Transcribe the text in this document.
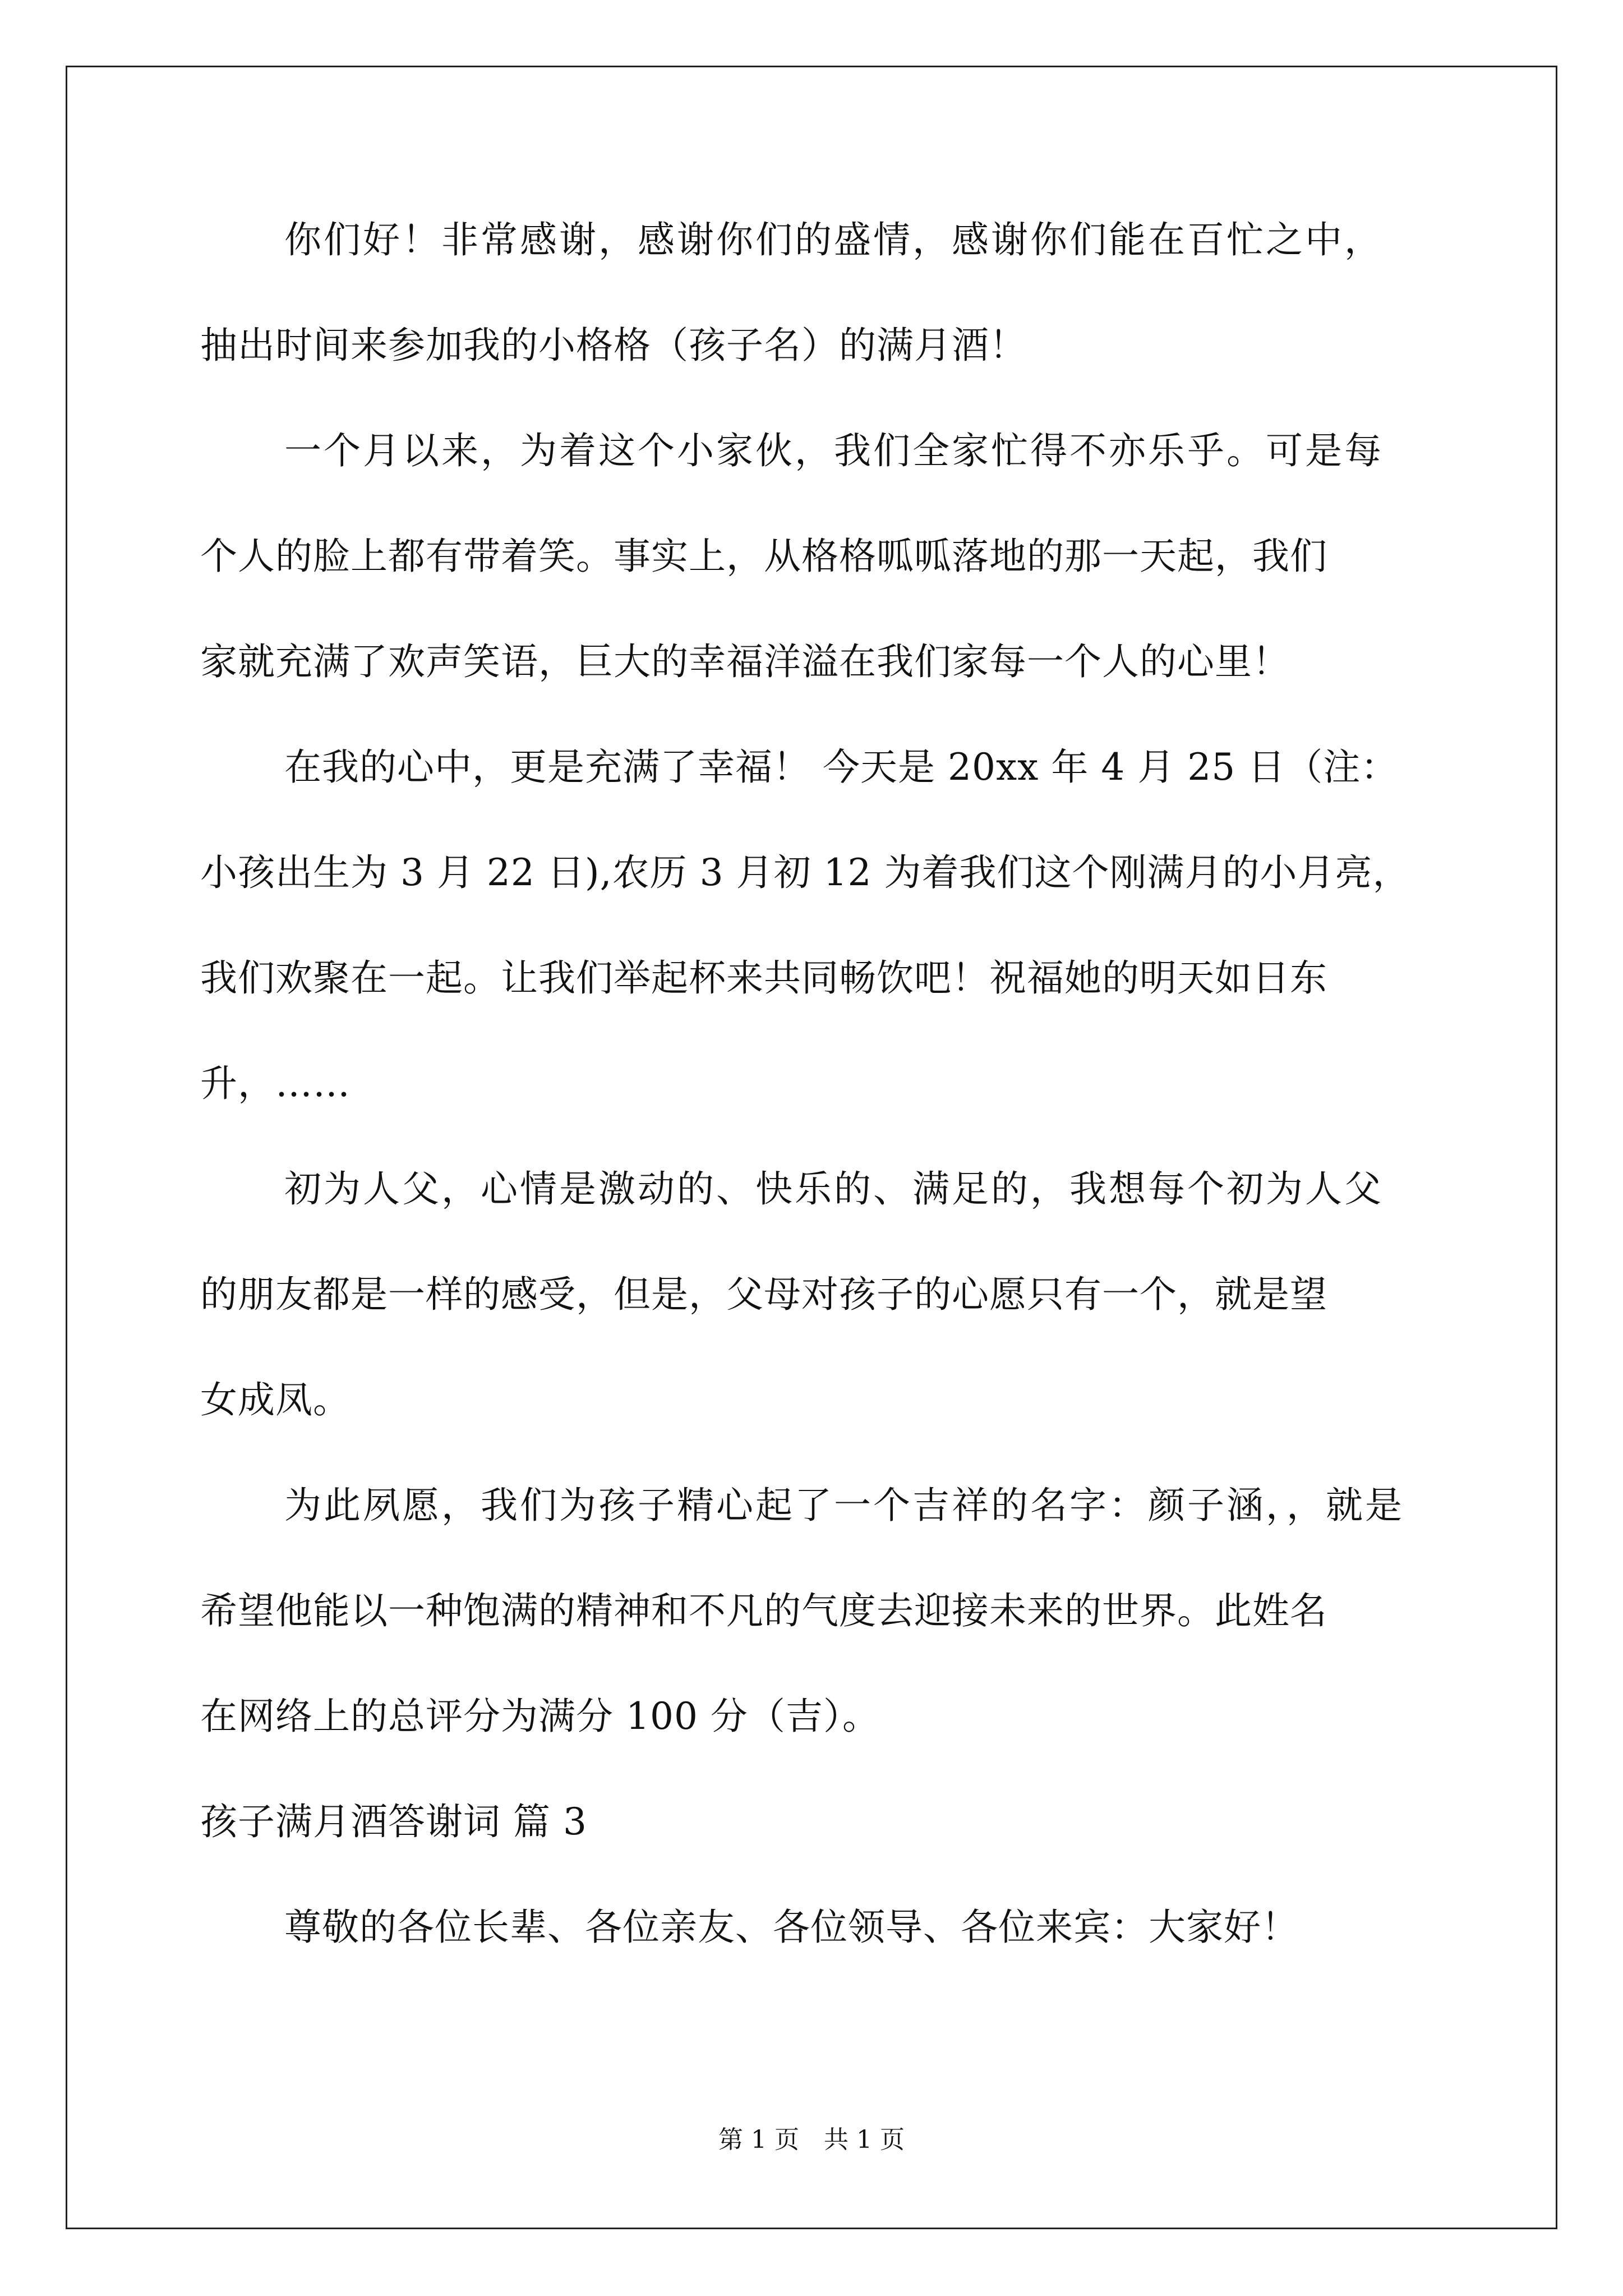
你们好！非常感谢，感谢你们的盛情，感谢你们能在百忙之中，
抽出时间来参加我的小格格（孩子名）的满月酒！
一个月以来，为着这个小家伙，我们全家忙得不亦乐乎。可是每
个人的脸上都有带着笑。事实上，从格格呱呱落地的那一天起，我们
家就充满了欢声笑语，巨大的幸福洋溢在我们家每一个人的心里！
在我的心中，更是充满了幸福！ 今天是 20xx 年 4 月 25 日（注：
小孩出生为 3 月 22 日),农历 3 月初 12 为着我们这个刚满月的小月亮，
我们欢聚在一起。让我们举起杯来共同畅饮吧！祝福她的明天如日东
升，……
初为人父，心情是激动的、快乐的、满足的，我想每个初为人父
的朋友都是一样的感受，但是，父母对孩子的心愿只有一个，就是望
女成凤。
为此夙愿，我们为孩子精心起了一个吉祥的名字：颜子涵，，就是
希望他能以一种饱满的精神和不凡的气度去迎接未来的世界。此姓名
在网络上的总评分为满分 100 分（吉）。
孩子满月酒答谢词 篇 3
尊敬的各位长辈、各位亲友、各位领导、各位来宾：大家好！
第 1 页　共 1 页
